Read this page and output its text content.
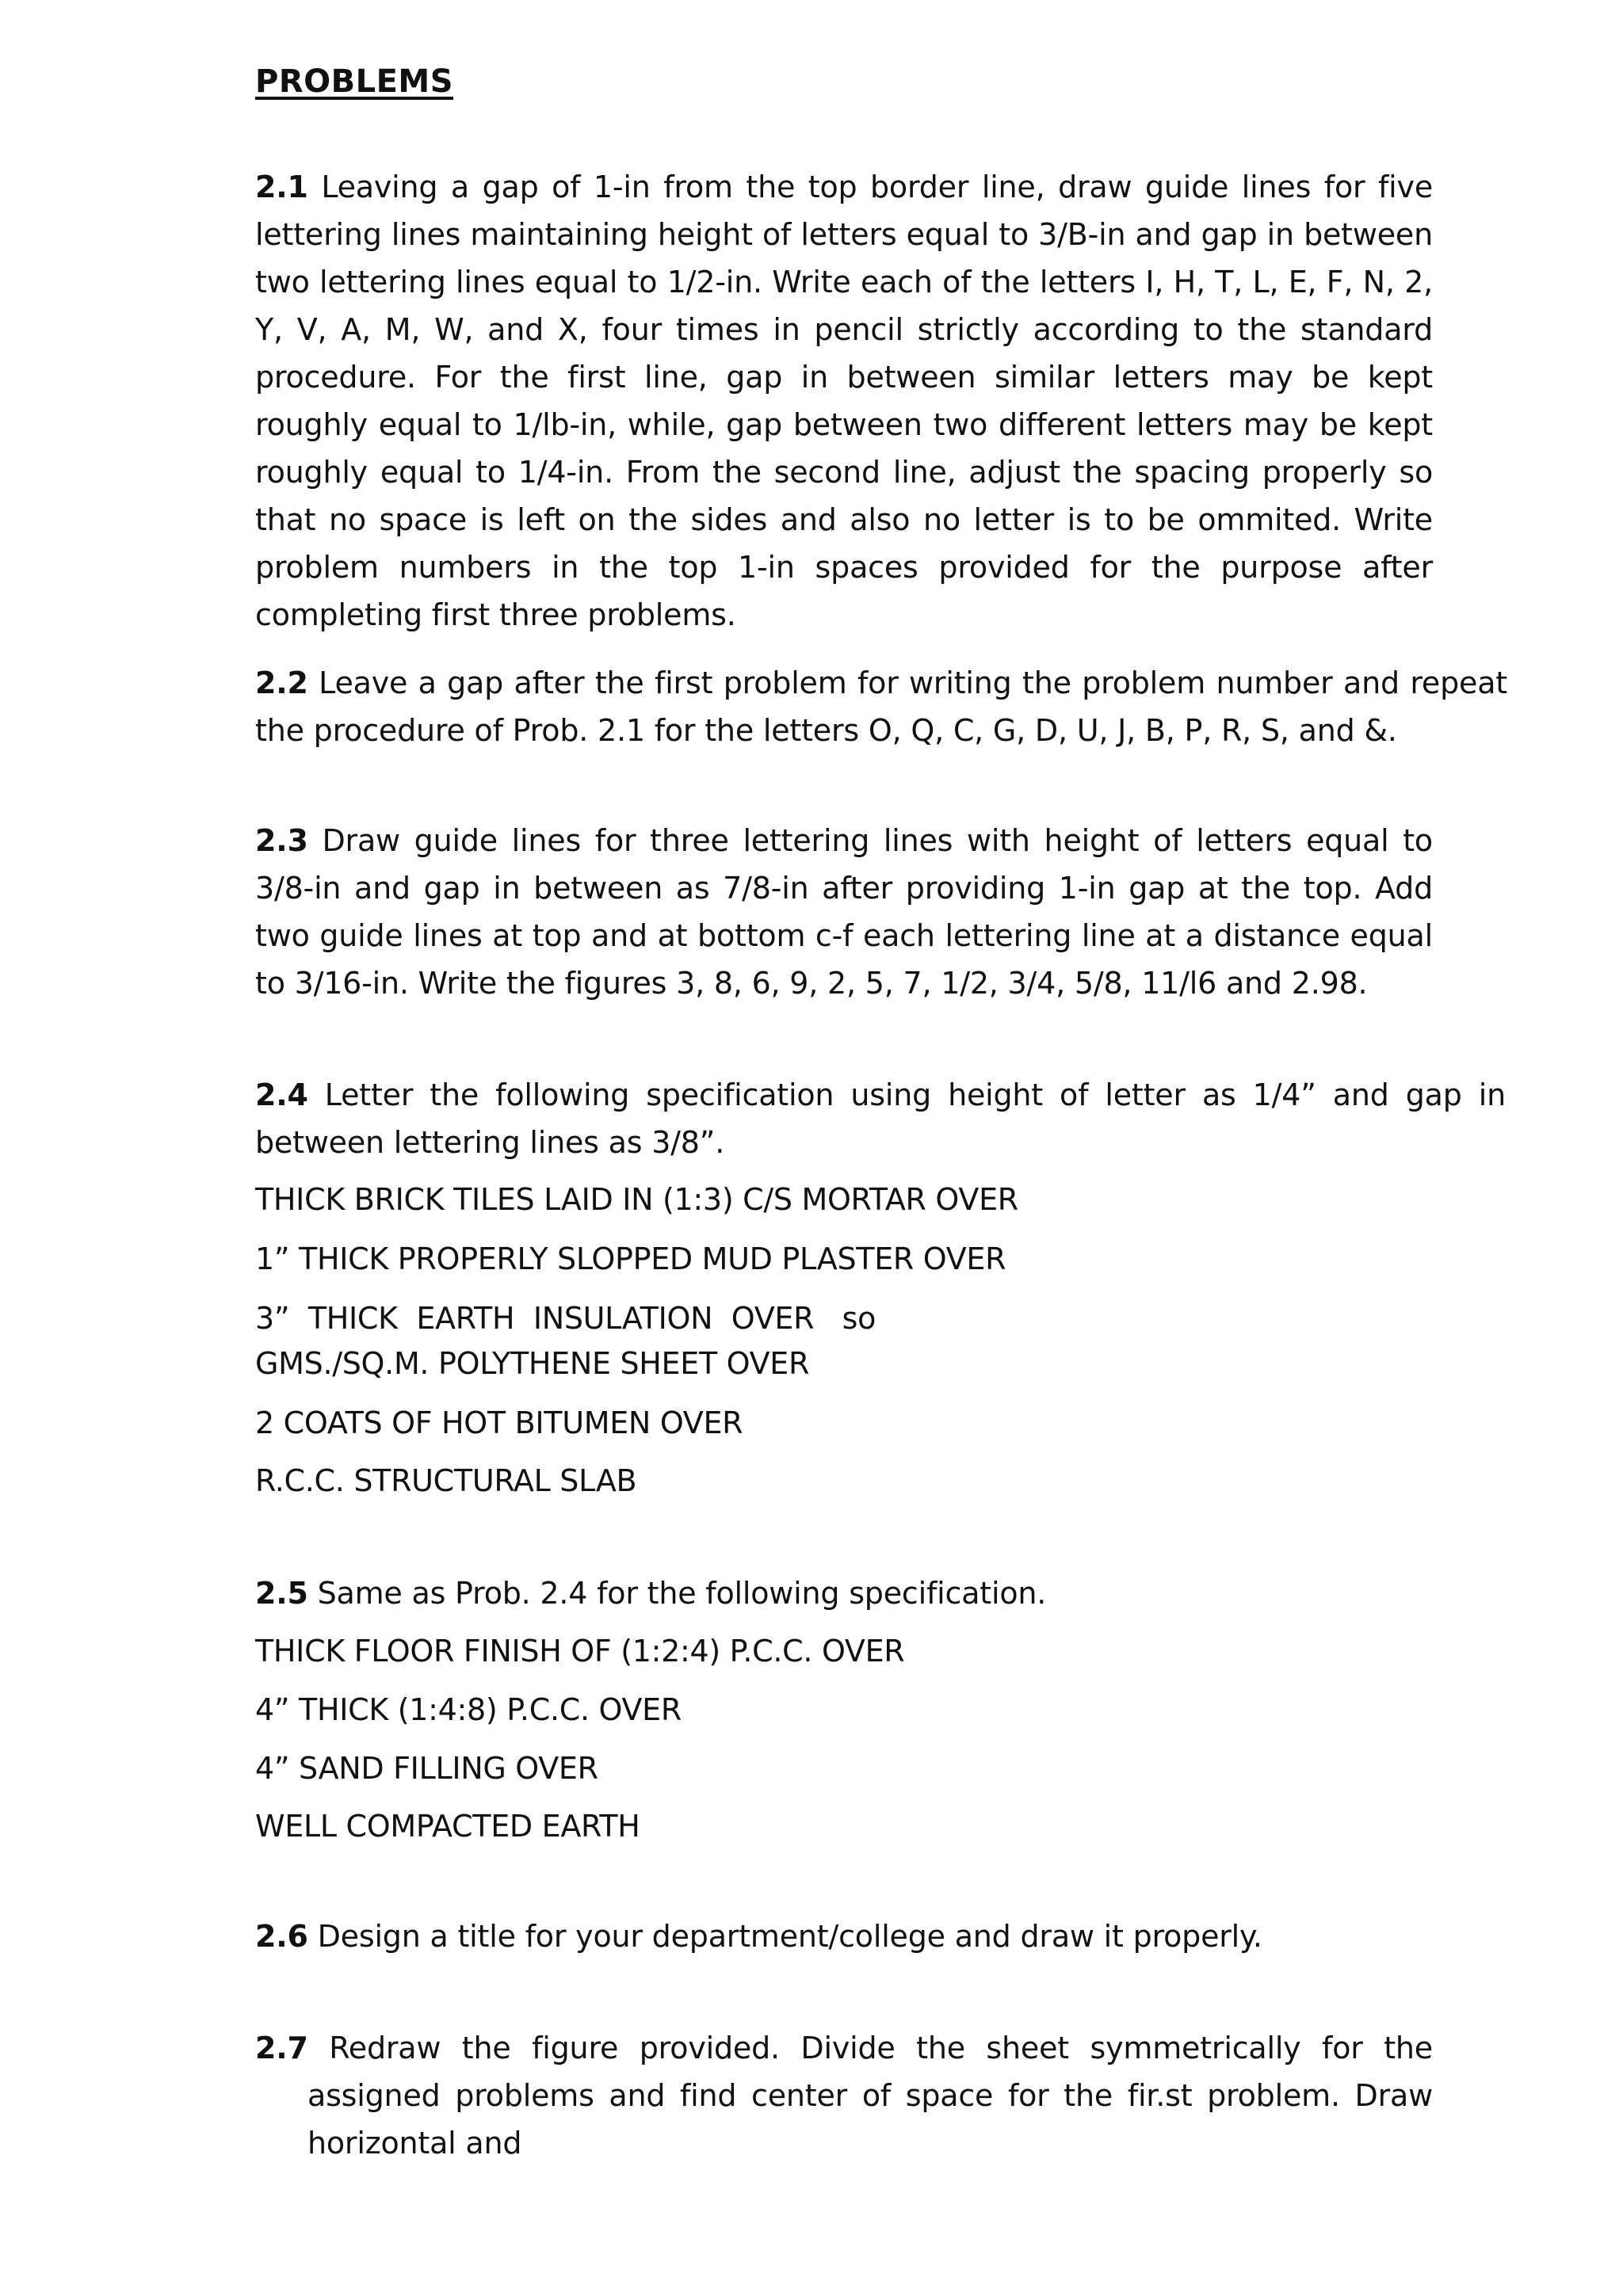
PROBLEMS

2.1 Leaving a gap of 1-in from the top border line, draw guide lines for five lettering lines maintaining height of letters equal to 3/B-in and gap in between two lettering lines equal to 1/2-in. Write each of the letters I, H, T, L, E, F, N, 2, Y, V, A, M, W, and X, four times in pencil strictly according to the standard procedure. For the first line, gap in between similar letters may be kept roughly equal to 1/lb-in, while, gap between two different letters may be kept roughly equal to 1/4-in. From the second line, adjust the spacing properly so that no space is left on the sides and also no letter is to be ommited. Write problem numbers in the top 1-in spaces provided for the purpose after completing first three problems.

2.2 Leave a gap after the first problem for writing the problem number and repeat the procedure of Prob. 2.1 for the letters O, Q, C, G, D, U, J, B, P, R, S, and &.

2.3 Draw guide lines for three lettering lines with height of letters equal to 3/8-in and gap in between as 7/8-in after providing 1-in gap at the top. Add two guide lines at top and at bottom c-f each lettering line at a distance equal to 3/16-in. Write the figures 3, 8, 6, 9, 2, 5, 7, 1/2, 3/4, 5/8, 11/l6 and 2.98.

2.4 Letter the following specification using height of letter as 1/4” and gap in between lettering lines as 3/8”.

THICK BRICK TILES LAID IN (1:3) C/S MORTAR OVER

1” THICK PROPERLY SLOPPED MUD PLASTER OVER

3”  THICK  EARTH  INSULATION  OVER   so

GMS./SQ.M. POLYTHENE SHEET OVER

2 COATS OF HOT BITUMEN OVER

R.C.C. STRUCTURAL SLAB

2.5 Same as Prob. 2.4 for the following specification.

THICK FLOOR FINISH OF (1:2:4) P.C.C. OVER

4” THICK (1:4:8) P.C.C. OVER

4” SAND FILLING OVER

WELL COMPACTED EARTH

2.6 Design a title for your department/college and draw it properly.

2.7 Redraw the figure provided. Divide the sheet symmetrically for the assigned problems and find center of space for the fir.st problem. Draw horizontal and
